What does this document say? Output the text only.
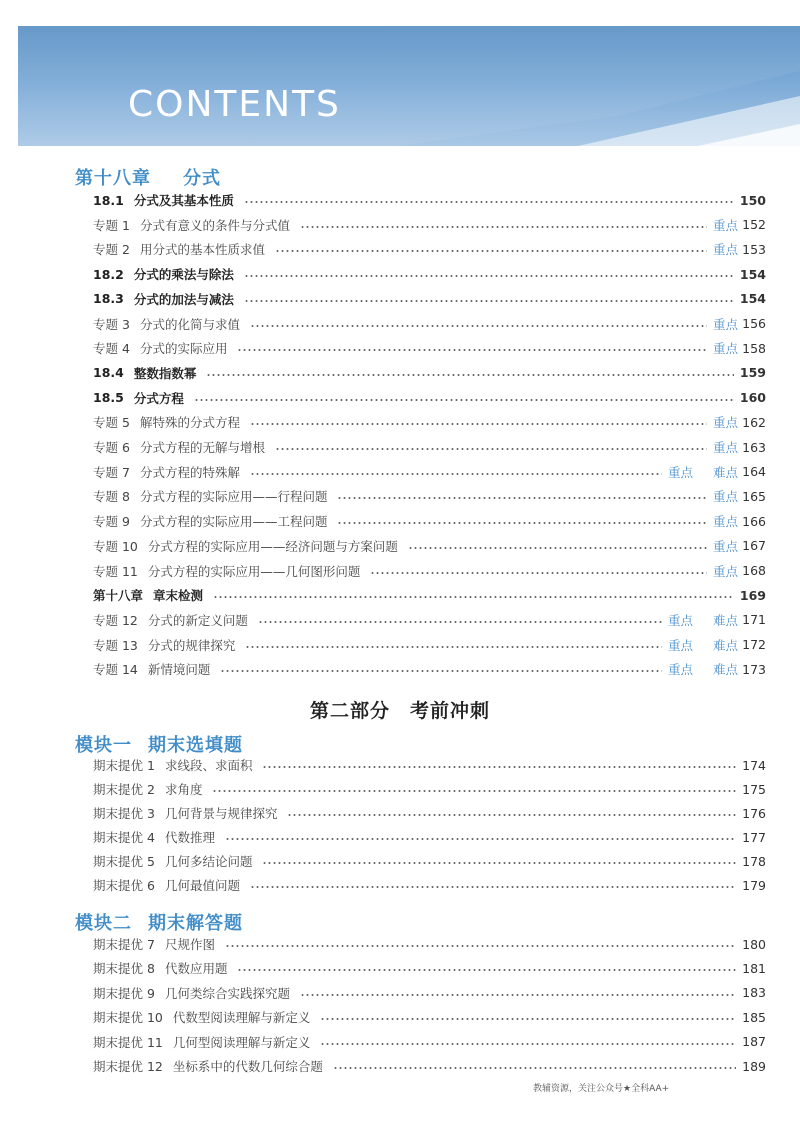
CONTENTS
第十八章 分式
18.1 分式及其基本性质	150
专题 1 分式有意义的条件与分式值	重点 152
专题 2 用分式的基本性质求值	重点 153
18.2 分式的乘法与除法	154
18.3 分式的加法与减法	154
专题 3 分式的化简与求值	重点 156
专题 4 分式的实际应用	重点 158
18.4 整数指数幂	159
18.5 分式方程	160
专题 5 解特殊的分式方程	重点 162
专题 6 分式方程的无解与增根	重点 163
专题 7 分式方程的特殊解	重点 难点 164
专题 8 分式方程的实际应用——行程问题	重点 165
专题 9 分式方程的实际应用——工程问题	重点 166
专题 10 分式方程的实际应用——经济问题与方案问题	重点 167
专题 11 分式方程的实际应用——几何图形问题	重点 168
第十八章 章末检测	169
专题 12 分式的新定义问题	重点 难点 171
专题 13 分式的规律探究	重点 难点 172
专题 14 新情境问题	重点 难点 173
第二部分　考前冲刺
模块一 期末选填题
期末提优 1 求线段、求面积	174
期末提优 2 求角度	175
期末提优 3 几何背景与规律探究	176
期末提优 4 代数推理	177
期末提优 5 几何多结论问题	178
期末提优 6 几何最值问题	179
模块二 期末解答题
期末提优 7 尺规作图	180
期末提优 8 代数应用题	181
期末提优 9 几何类综合实践探究题	183
期末提优 10 代数型阅读理解与新定义	185
期末提优 11 几何型阅读理解与新定义	187
期末提优 12 坐标系中的代数几何综合题	189
教辅资源，关注公众号★全科AA+
